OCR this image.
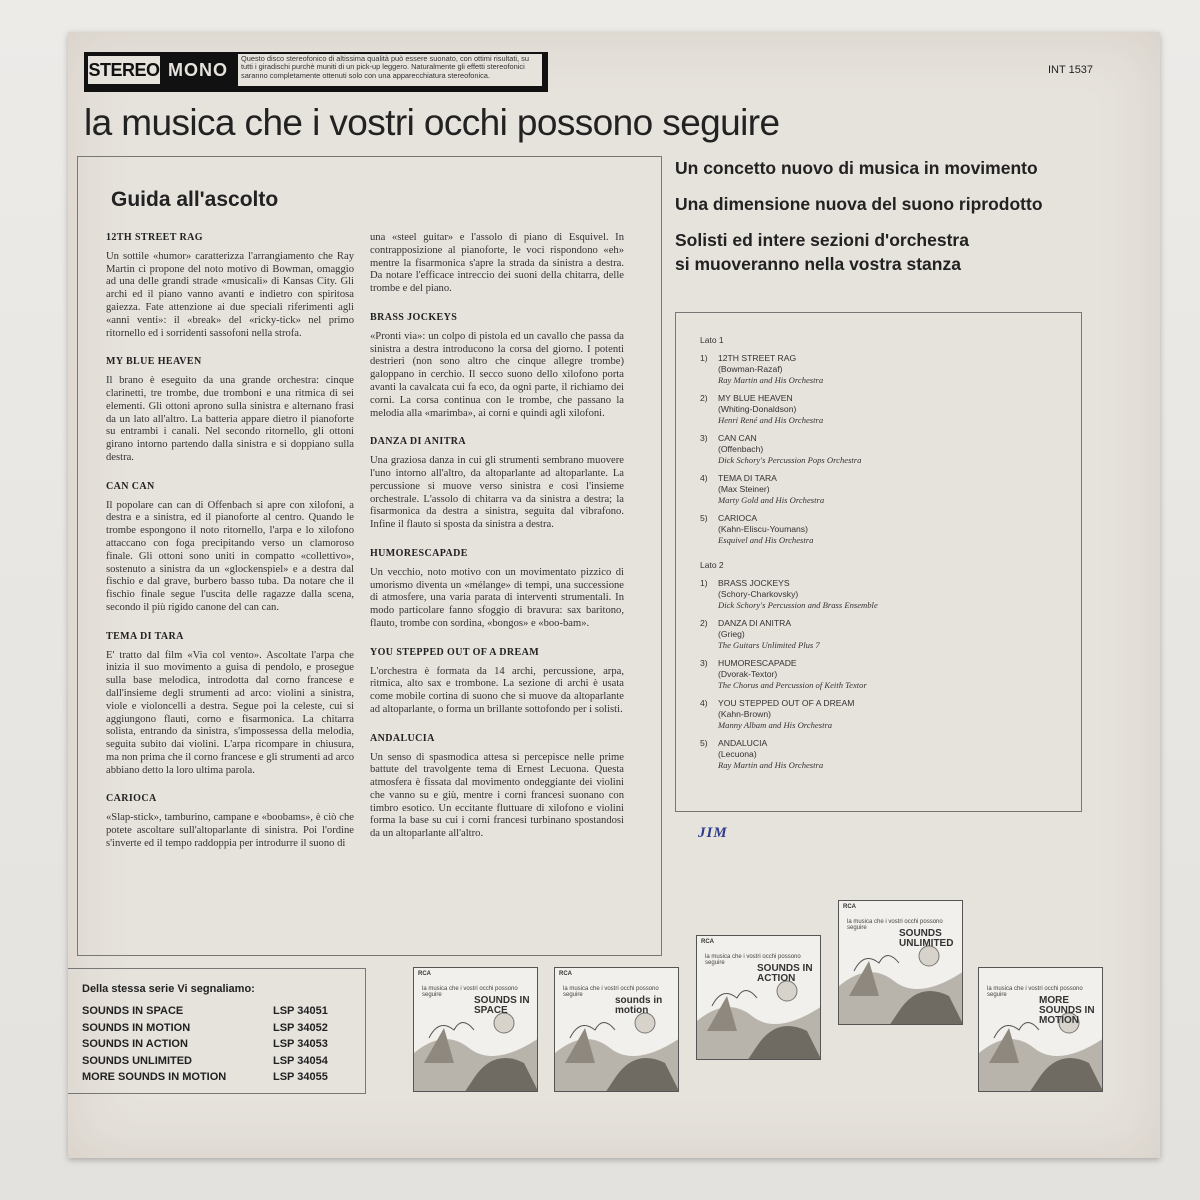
STEREO MONO
Questo disco stereofonico di altissima qualità può essere suonato, con ottimi risultati, su tutti i giradischi purchè muniti di un pick-up leggero. Naturalmente gli effetti stereofonici saranno completamente ottenuti solo con una apparecchiatura stereofonica.	INT 1537
la musica che i vostri occhi possono seguire
Un concetto nuovo di musica in movimento
Una dimensione nuova del suono riprodotto
Solisti ed intere sezioni d'orchestra
si muoveranno nella vostra stanza
Guida all'ascolto
12TH STREET RAG

Un sottile «humor» caratterizza l'arrangiamento che Ray Martin ci propone del noto motivo di Bowman, omaggio ad una delle grandi strade «musicali» di Kansas City. Gli archi ed il piano vanno avanti e indietro con spiritosa gaiezza. Fate attenzione ai due speciali riferimenti agli «anni venti»: il «break» del «ricky-tick» nel primo ritornello ed i sorridenti sassofoni nella strofa.

MY BLUE HEAVEN

Il brano è eseguito da una grande orchestra: cinque clarinetti, tre trombe, due tromboni e una ritmica di sei elementi. Gli ottoni aprono sulla sinistra e alternano frasi da un lato all'altro. La batteria appare dietro il pianoforte su entrambi i canali. Nel secondo ritornello, gli ottoni girano intorno partendo dalla sinistra e si doppiano sulla destra.

CAN CAN

Il popolare can can di Offenbach si apre con xilofoni, a destra e a sinistra, ed il pianoforte al centro. Quando le trombe espongono il noto ritornello, l'arpa e lo xilofono attaccano con foga precipitando verso un clamoroso finale. Gli ottoni sono uniti in compatto «collettivo», sostenuto a sinistra da un «glockenspiel» e a destra dal fischio e dal grave, burbero basso tuba. Da notare che il fischio finale segue l'uscita delle ragazze dalla scena, secondo il più rigido canone del can can.

TEMA DI TARA

E' tratto dal film «Via col vento». Ascoltate l'arpa che inizia il suo movimento a guisa di pendolo, e prosegue sulla base melodica, introdotta dal corno francese e dall'insieme degli strumenti ad arco: violini a sinistra, viole e violoncelli a destra. Segue poi la celeste, cui si aggiungono flauti, corno e fisarmonica. La chitarra solista, entrando da sinistra, s'impossessa della melodia, seguita subito dai violini. L'arpa ricompare in chiusura, ma non prima che il corno francese e gli strumenti ad arco abbiano detto la loro ultima parola.

CARIOCA

«Slap-stick», tamburino, campane e «boobams», è ciò che potete ascoltare sull'altoparlante di sinistra. Poi l'ordine s'inverte ed il tempo raddoppia per introdurre il suono di

una «steel guitar» e l'assolo di piano di Esquivel. In contrapposizione al pianoforte, le voci rispondono «eh» mentre la fisarmonica s'apre la strada da sinistra a destra. Da notare l'efficace intreccio dei suoni della chitarra, delle trombe e del piano.

BRASS JOCKEYS

«Pronti via»: un colpo di pistola ed un cavallo che passa da sinistra a destra introducono la corsa del giorno. I potenti destrieri (non sono altro che cinque allegre trombe) galoppano in cerchio. Il secco suono dello xilofono porta avanti la cavalcata cui fa eco, da ogni parte, il richiamo dei corni. La corsa continua con le trombe, che passano la melodia alla «marimba», ai corni e quindi agli xilofoni.

DANZA DI ANITRA

Una graziosa danza in cui gli strumenti sembrano muovere l'uno intorno all'altro, da altoparlante ad altoparlante. La percussione si muove verso sinistra e così l'insieme orchestrale. L'assolo di chitarra va da sinistra a destra; la fisarmonica da destra a sinistra, seguita dal vibrafono. Infine il flauto si sposta da sinistra a destra.

HUMORESCAPADE

Un vecchio, noto motivo con un movimentato pizzico di umorismo diventa un «mélange» di tempi, una successione di atmosfere, una varia parata di interventi strumentali. In modo particolare fanno sfoggio di bravura: sax baritono, flauto, trombe con sordina, «bongos» e «boo-bam».

YOU STEPPED OUT OF A DREAM

L'orchestra è formata da 14 archi, percussione, arpa, ritmica, alto sax e trombone. La sezione di archi è usata come mobile cortina di suono che si muove da altoparlante ad altoparlante, o forma un brillante sottofondo per i solisti.

ANDALUCIA

Un senso di spasmodica attesa si percepisce nelle prime battute del travolgente tema di Ernest Lecuona. Questa atmosfera è fissata dal movimento ondeggiante dei violini che vanno su e giù, mentre i corni francesi suonano con timbro esotico. Un eccitante fluttuare di xilofono e violini forma la base su cui i corni francesi turbinano spostandosi da un altoparlante all'altro.

Lato 1
1)	12TH STREET RAG
(Bowman-Razaf)
Ray Martin and His Orchestra
2)	MY BLUE HEAVEN
(Whiting-Donaldson)
Henri René and His Orchestra
3)	CAN CAN
(Offenbach)
Dick Schory's Percussion Pops Orchestra
4)	TEMA DI TARA
(Max Steiner)
Marty Gold and His Orchestra
5)	CARIOCA
(Kahn-Eliscu-Youmans)
Esquivel and His Orchestra
Lato 2
1)	BRASS JOCKEYS
(Schory-Charkovsky)
Dick Schory's Percussion and Brass Ensemble
2)	DANZA DI ANITRA
(Grieg)
The Guitars Unlimited Plus 7
3)	HUMORESCAPADE
(Dvorak-Textor)
The Chorus and Percussion of Keith Textor
4)	YOU STEPPED OUT OF A DREAM
(Kahn-Brown)
Manny Albam and His Orchestra
5)	ANDALUCIA
(Lecuona)
Ray Martin and His Orchestra
JIM
Della stessa serie Vi segnaliamo:
SOUNDS IN SPACE	LSP 34051
SOUNDS IN MOTION	LSP 34052
SOUNDS IN ACTION	LSP 34053
SOUNDS UNLIMITED	LSP 34054
MORE SOUNDS IN MOTION	LSP 34055
RCA
la musica che i vostri occhi possono seguire	SOUNDS IN SPACE
RCA
la musica che i vostri occhi possono seguire	sounds in motion
RCA
la musica che i vostri occhi possono seguire	SOUNDS IN ACTION
RCA
la musica che i vostri occhi possono seguire	SOUNDS UNLIMITED
la musica che i vostri occhi possono seguire	MORE SOUNDS IN MOTION
